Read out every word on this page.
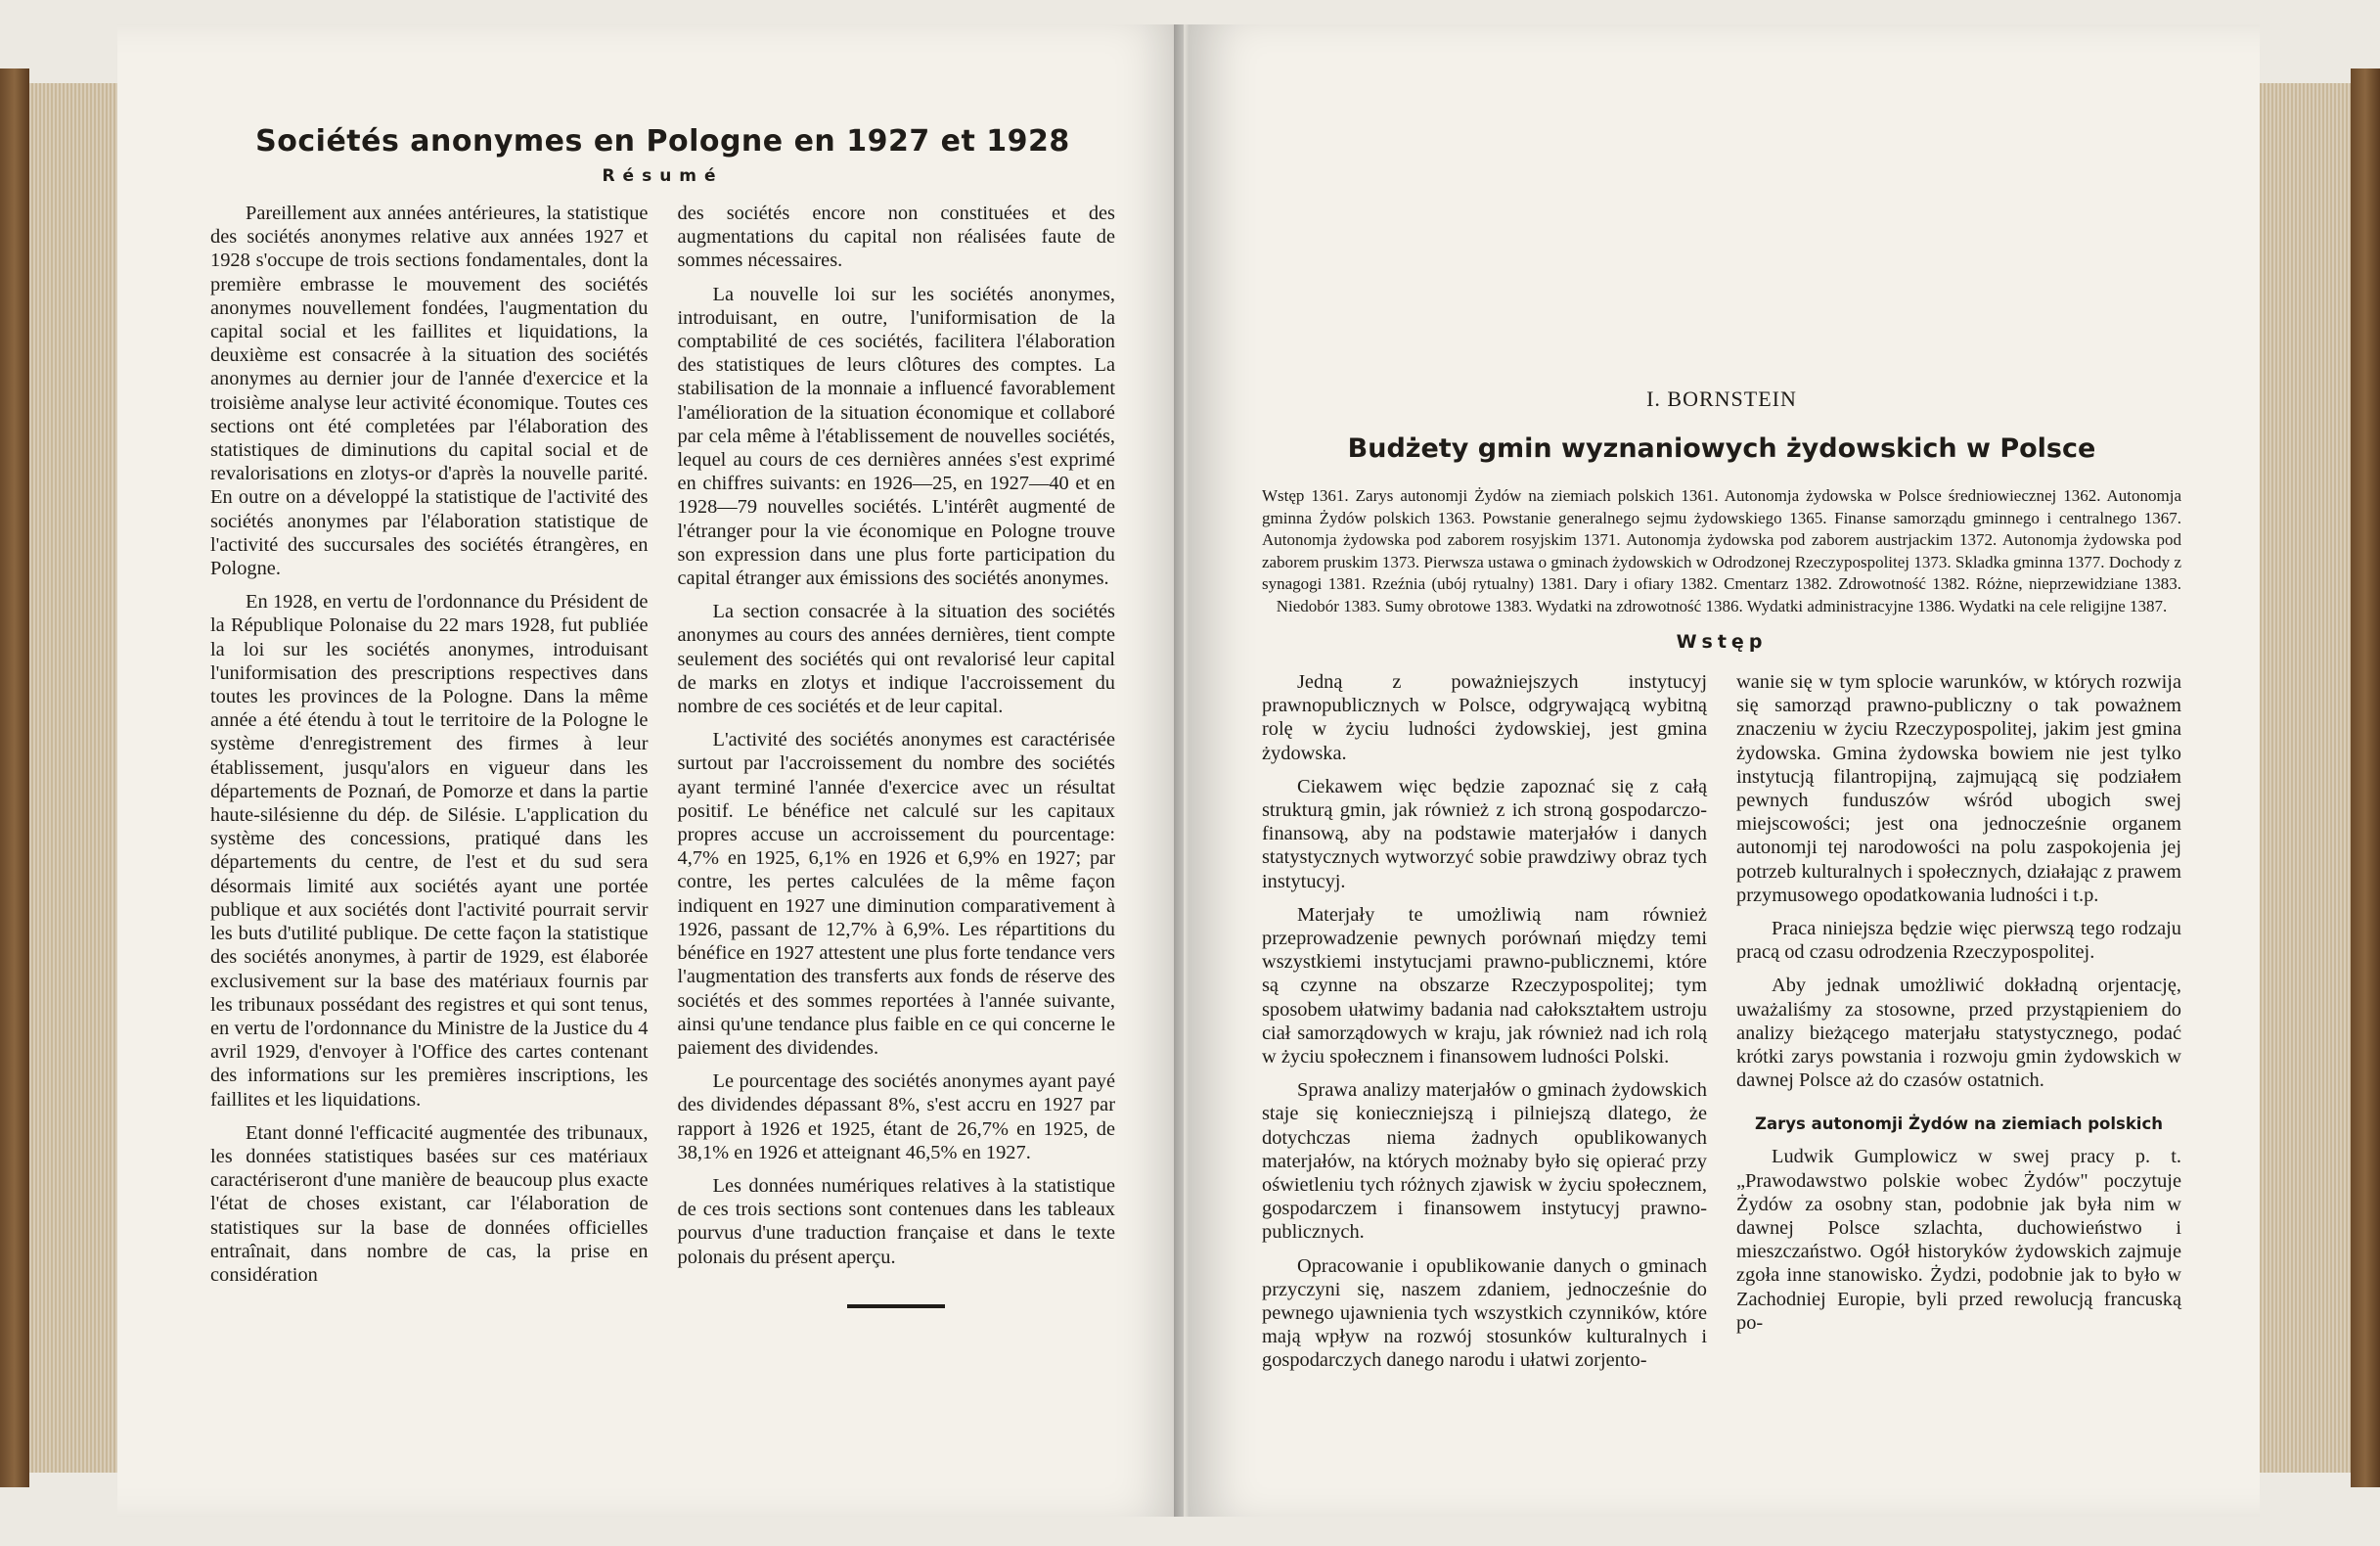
Sociétés anonymes en Pologne en 1927 et 1928
Résumé

Pareillement aux années antérieures, la statistique des sociétés anonymes relative aux années 1927 et 1928 s'occupe de trois sections fondamentales, dont la première embrasse le mouvement des sociétés anonymes nouvellement fondées, l'augmentation du capital social et les faillites et liquidations, la deuxième est consacrée à la situation des sociétés anonymes au dernier jour de l'année d'exercice et la troisième analyse leur activité économique. Toutes ces sections ont été completées par l'élaboration des statistiques de diminutions du capital social et de revalorisations en zlotys-or d'après la nouvelle parité. En outre on a développé la statistique de l'activité des sociétés anonymes par l'élaboration statistique de l'activité des succursales des sociétés étrangères, en Pologne.

En 1928, en vertu de l'ordonnance du Président de la République Polonaise du 22 mars 1928, fut publiée la loi sur les sociétés anonymes, introduisant l'uniformisation des prescriptions respectives dans toutes les provinces de la Pologne. Dans la même année a été étendu à tout le territoire de la Pologne le système d'enregistrement des firmes à leur établissement, jusqu'alors en vigueur dans les départements de Poznań, de Pomorze et dans la partie haute-silésienne du dép. de Silésie. L'application du système des concessions, pratiqué dans les départements du centre, de l'est et du sud sera désormais limité aux sociétés ayant une portée publique et aux sociétés dont l'activité pourrait servir les buts d'utilité publique. De cette façon la statistique des sociétés anonymes, à partir de 1929, est élaborée exclusivement sur la base des matériaux fournis par les tribunaux possédant des registres et qui sont tenus, en vertu de l'ordonnance du Ministre de la Justice du 4 avril 1929, d'envoyer à l'Office des cartes contenant des informations sur les premières inscriptions, les faillites et les liquidations.

Etant donné l'efficacité augmentée des tribunaux, les données statistiques basées sur ces matériaux caractériseront d'une manière de beaucoup plus exacte l'état de choses existant, car l'élaboration de statistiques sur la base de données officielles entraînait, dans nombre de cas, la prise en considération

des sociétés encore non constituées et des augmentations du capital non réalisées faute de sommes nécessaires.

La nouvelle loi sur les sociétés anonymes, introduisant, en outre, l'uniformisation de la comptabilité de ces sociétés, facilitera l'élaboration des statistiques de leurs clôtures des comptes. La stabilisation de la monnaie a influencé favorablement l'amélioration de la situation économique et collaboré par cela même à l'établissement de nouvelles sociétés, lequel au cours de ces dernières années s'est exprimé en chiffres suivants: en 1926—25, en 1927—40 et en 1928—79 nouvelles sociétés. L'intérêt augmenté de l'étranger pour la vie économique en Pologne trouve son expression dans une plus forte participation du capital étranger aux émissions des sociétés anonymes.

La section consacrée à la situation des sociétés anonymes au cours des années dernières, tient compte seulement des sociétés qui ont revalorisé leur capital de marks en zlotys et indique l'accroissement du nombre de ces sociétés et de leur capital.

L'activité des sociétés anonymes est caractérisée surtout par l'accroissement du nombre des sociétés ayant terminé l'année d'exercice avec un résultat positif. Le bénéfice net calculé sur les capitaux propres accuse un accroissement du pourcentage: 4,7% en 1925, 6,1% en 1926 et 6,9% en 1927; par contre, les pertes calculées de la même façon indiquent en 1927 une diminution comparativement à 1926, passant de 12,7% à 6,9%. Les répartitions du bénéfice en 1927 attestent une plus forte tendance vers l'augmentation des transferts aux fonds de réserve des sociétés et des sommes reportées à l'année suivante, ainsi qu'une tendance plus faible en ce qui concerne le paiement des dividendes.

Le pourcentage des sociétés anonymes ayant payé des dividendes dépassant 8%, s'est accru en 1927 par rapport à 1926 et 1925, étant de 26,7% en 1925, de 38,1% en 1926 et atteignant 46,5% en 1927.

Les données numériques relatives à la statistique de ces trois sections sont contenues dans les tableaux pourvus d'une traduction française et dans le texte polonais du présent aperçu.

I. BORNSTEIN
Budżety gmin wyznaniowych żydowskich w Polsce
Wstęp 1361. Zarys autonomji Żydów na ziemiach polskich 1361. Autonomja żydowska w Polsce średniowiecznej 1362. Autonomja gminna Żydów polskich 1363. Powstanie generalnego sejmu żydowskiego 1365. Finanse samorządu gminnego i centralnego 1367. Autonomja żydowska pod zaborem rosyjskim 1371. Autonomja żydowska pod zaborem austrjackim 1372. Autonomja żydowska pod zaborem pruskim 1373. Pierwsza ustawa o gminach żydowskich w Odrodzonej Rzeczypospolitej 1373. Skladka gminna 1377. Dochody z synagogi 1381. Rzeźnia (ubój rytualny) 1381. Dary i ofiary 1382. Cmentarz 1382. Zdrowotność 1382. Różne, nieprzewidziane 1383. Niedobór 1383. Sumy obrotowe 1383. Wydatki na zdrowotność 1386. Wydatki administracyjne 1386. Wydatki na cele religijne 1387.
Wstęp

Jedną z poważniejszych instytucyj prawnopublicznych w Polsce, odgrywającą wybitną rolę w życiu ludności żydowskiej, jest gmina żydowska.

Ciekawem więc będzie zapoznać się z całą strukturą gmin, jak również z ich stroną gospodarczo-finansową, aby na podstawie materjałów i danych statystycznych wytworzyć sobie prawdziwy obraz tych instytucyj.

Materjały te umożliwią nam również przeprowadzenie pewnych porównań między temi wszystkiemi instytucjami prawno-publicznemi, które są czynne na obszarze Rzeczypospolitej; tym sposobem ułatwimy badania nad całokształtem ustroju ciał samorządowych w kraju, jak również nad ich rolą w życiu społecznem i finansowem ludności Polski.

Sprawa analizy materjałów o gminach żydowskich staje się konieczniejszą i pilniejszą dlatego, że dotychczas niema żadnych opublikowanych materjałów, na których możnaby było się opierać przy oświetleniu tych różnych zjawisk w życiu społecznem, gospodarczem i finansowem instytucyj prawno-publicznych.

Opracowanie i opublikowanie danych o gminach przyczyni się, naszem zdaniem, jednocześnie do pewnego ujawnienia tych wszystkich czynników, które mają wpływ na rozwój stosunków kulturalnych i gospodarczych danego narodu i ułatwi zorjento-

wanie się w tym splocie warunków, w których rozwija się samorząd prawno-publiczny o tak poważnem znaczeniu w życiu Rzeczypospolitej, jakim jest gmina żydowska. Gmina żydowska bowiem nie jest tylko instytucją filantropijną, zajmującą się podziałem pewnych funduszów wśród ubogich swej miejscowości; jest ona jednocześnie organem autonomji tej narodowości na polu zaspokojenia jej potrzeb kulturalnych i społecznych, działając z prawem przymusowego opodatkowania ludności i t.p.

Praca niniejsza będzie więc pierwszą tego rodzaju pracą od czasu odrodzenia Rzeczypospolitej.

Aby jednak umożliwić dokładną orjentację, uważaliśmy za stosowne, przed przystąpieniem do analizy bieżącego materjału statystycznego, podać krótki zarys powstania i rozwoju gmin żydowskich w dawnej Polsce aż do czasów ostatnich.

Zarys autonomji Żydów na ziemiach polskich

Ludwik Gumplowicz w swej pracy p. t. „Prawodawstwo polskie wobec Żydów" poczytuje Żydów za osobny stan, podobnie jak była nim w dawnej Polsce szlachta, duchowieństwo i mieszczaństwo. Ogół historyków żydowskich zajmuje zgoła inne stanowisko. Żydzi, podobnie jak to było w Zachodniej Europie, byli przed rewolucją francuską po-
